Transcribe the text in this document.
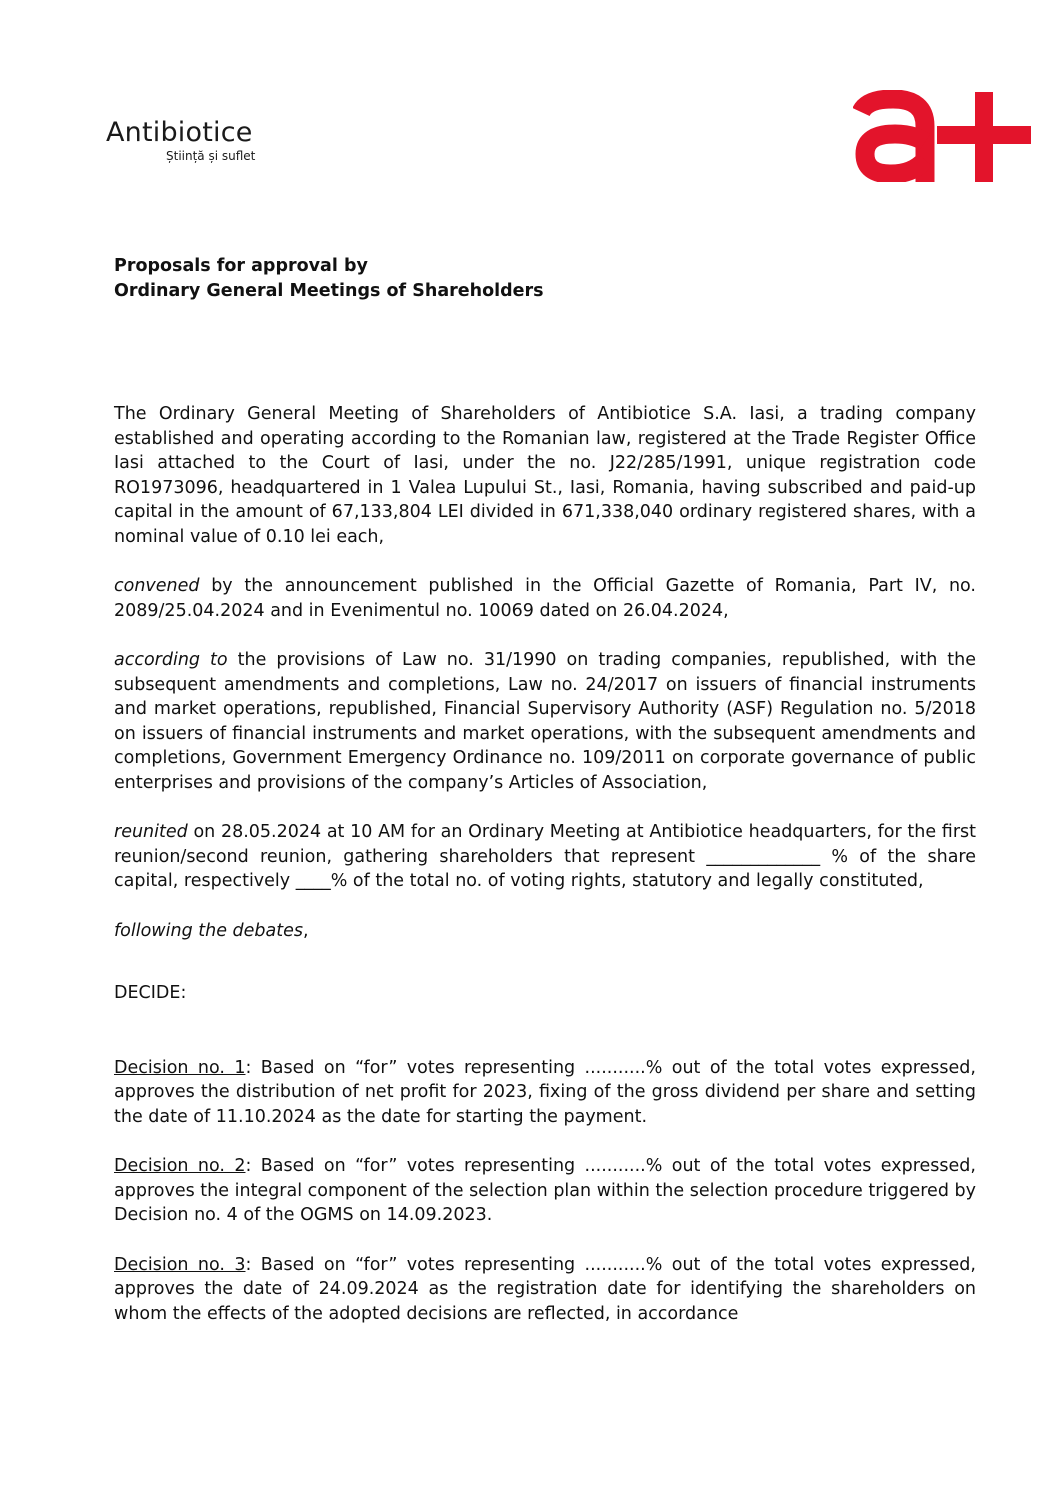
Antibiotice
Știință și suflet
Proposals for approval by
Ordinary General Meetings of Shareholders

The Ordinary General Meeting of Shareholders of Antibiotice S.A. Iasi, a trading company established and operating according to the Romanian law, registered at the Trade Register Office Iasi attached to the Court of Iasi, under the no. J22/285/1991, unique registration code RO1973096, headquartered in 1 Valea Lupului St., Iasi, Romania, having subscribed and paid-up capital in the amount of 67,133,804 LEI divided in 671,338,040 ordinary registered shares, with a nominal value of 0.10 lei each,

convened by the announcement published in the Official Gazette of Romania, Part IV, no. 2089/25.04.2024 and in Evenimentul no. 10069 dated on 26.04.2024,

according to the provisions of Law no. 31/1990 on trading companies, republished, with the subsequent amendments and completions, Law no. 24/2017 on issuers of financial instruments and market operations, republished, Financial Supervisory Authority (ASF) Regulation no. 5/2018 on issuers of financial instruments and market operations, with the subsequent amendments and completions, Government Emergency Ordinance no. 109/2011 on corporate governance of public enterprises and provisions of the company’s Articles of Association,

reunited on 28.05.2024 at 10 AM for an Ordinary Meeting at Antibiotice headquarters, for the first reunion/second reunion, gathering shareholders that represent _____________ % of the share capital, respectively ____% of the total no. of voting rights, statutory and legally constituted,

following the debates,

DECIDE:

Decision no. 1: Based on “for” votes representing ...........% out of the total votes expressed, approves the distribution of net profit for 2023, fixing of the gross dividend per share and setting the date of 11.10.2024 as the date for starting the payment.

Decision no. 2: Based on “for” votes representing ...........% out of the total votes expressed, approves the integral component of the selection plan within the selection procedure triggered by Decision no. 4 of the OGMS on 14.09.2023.

Decision no. 3: Based on “for” votes representing ...........% out of the total votes expressed, approves the date of 24.09.2024 as the registration date for identifying the shareholders on whom the effects of the adopted decisions are reflected, in accordance
